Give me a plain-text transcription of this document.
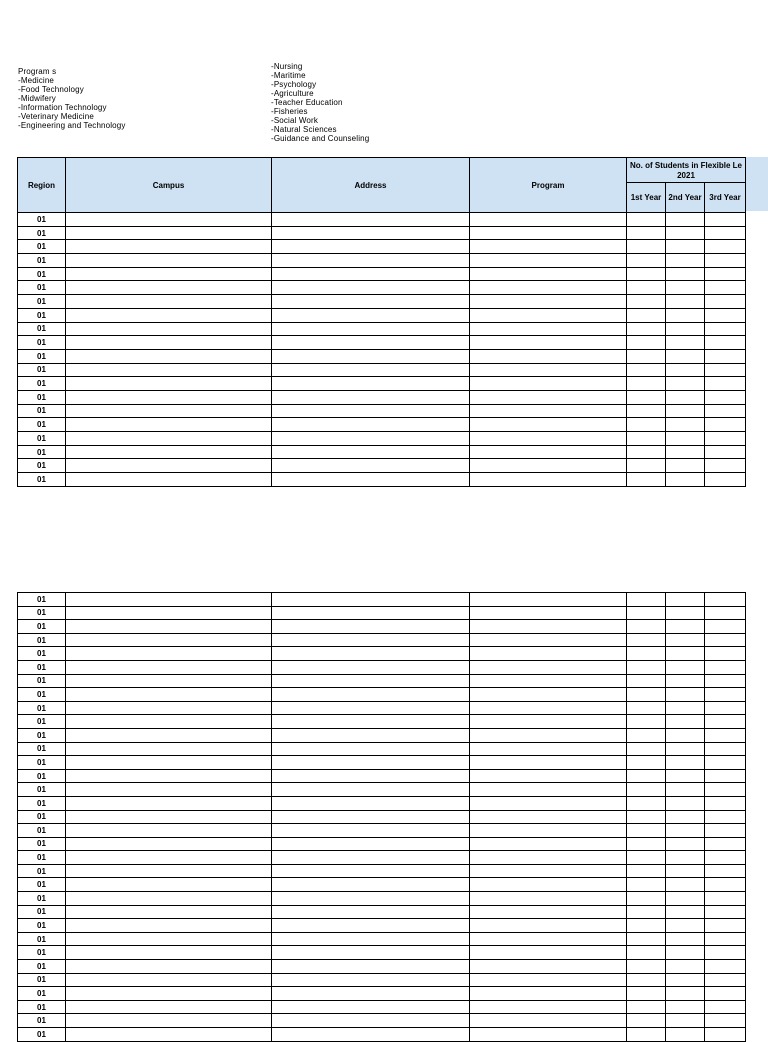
Program s
-Medicine
-Food Technology
-Midwifery
-Information Technology
-Veterinary Medicine
-Engineering and Technology
-Nursing
-Maritime
-Psychology
-Agriculture
-Teacher Education
-Fisheries
-Social Work
-Natural Sciences
-Guidance and Counseling
Region	Campus	Address	Program	No. of Students in Flexible Le
2021		

				1st Year	2nd Year	3rd Year
01						
01						
01						
01						
01						
01						
01						
01						
01						
01						
01						
01						
01						
01						
01						
01						
01						
01						
01						
01						
01						
01						
01						
01						
01						
01						
01						
01						
01						
01						
01						
01						
01						
01						
01						
01						
01						
01						
01						
01						
01						
01						
01						
01						
01						
01						
01						
01						
01						
01						
01						
01						
01						
